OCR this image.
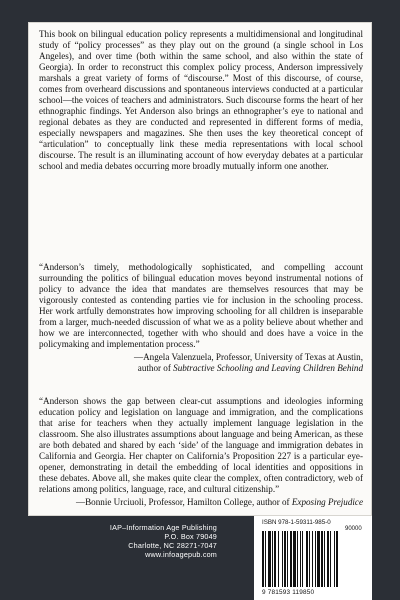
This book on bilingual education policy represents a multidimensional and longitudinal study of “policy processes” as they play out on the ground (a single school in Los Angeles), and over time (both within the same school, and also within the state of Georgia). In order to reconstruct this complex policy process, Anderson impressively marshals a great variety of forms of “discourse.” Most of this discourse, of course, comes from overheard discussions and spontaneous interviews conducted at a particular school—the voices of teachers and administrators. Such discourse forms the heart of her ethnographic findings. Yet Anderson also brings an ethnographer’s eye to national and regional debates as they are conducted and represented in different forms of media, especially newspapers and magazines. She then uses the key theoretical concept of “articulation” to conceptually link these media representations with local school discourse. The result is an illuminating account of how everyday debates at a particular school and media debates occurring more broadly mutually inform one another.
“Anderson’s timely, methodologically sophisticated, and compelling account surrounding the politics of bilingual education moves beyond instrumental notions of policy to advance the idea that mandates are themselves resources that may be vigorously contested as contending parties vie for inclusion in the schooling process. Her work artfully demonstrates how improving schooling for all children is inseparable from a larger, much-needed discussion of what we as a polity believe about whether and how we are interconnected, together with who should and does have a voice in the policymaking and implementation process.”
—Angela Valenzuela, Professor, University of Texas at Austin,
author of Subtractive Schooling and Leaving Children Behind
“Anderson shows the gap between clear-cut assumptions and ideologies informing education policy and legislation on language and immigration, and the complications that arise for teachers when they actually implement language legislation in the classroom. She also illustrates assumptions about language and being American, as these are both debated and shared by each ‘side’ of the language and immigration debates in California and Georgia. Her chapter on California’s Proposition 227 is a particular eye-opener, demonstrating in detail the embedding of local identities and oppositions in these debates. Above all, she makes quite clear the complex, often contradictory, web of relations among politics, language, race, and cultural citizenship.”
—Bonnie Urciuoli, Professor, Hamilton College, author of Exposing Prejudice
IAP–Information Age Publishing
P.O. Box 79049
Charlotte, NC 28271-7047
www.infoagepub.com
ISBN 978-1-59311-985-0
90000
9 781593 119850
